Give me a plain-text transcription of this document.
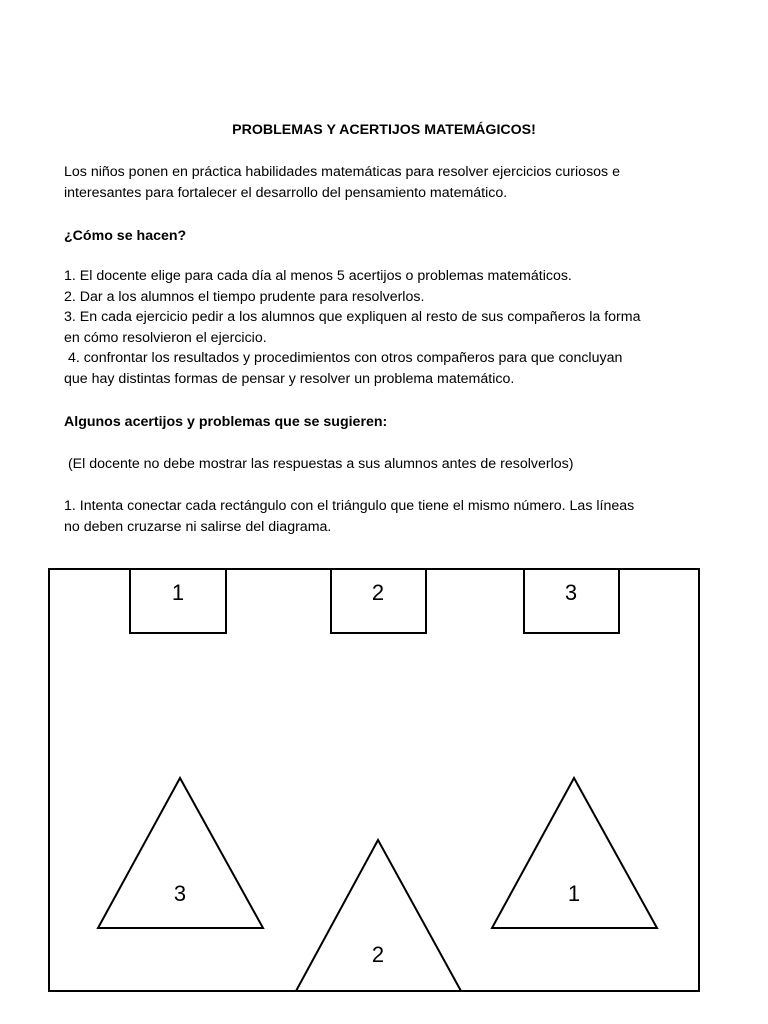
PROBLEMAS Y ACERTIJOS MATEMÁGICOS!

Los niños ponen en práctica habilidades matemáticas para resolver ejercicios curiosos e

interesantes para fortalecer el desarrollo del pensamiento matemático.

¿Cómo se hacen?

1. El docente elige para cada día al menos 5 acertijos o problemas matemáticos.

2. Dar a los alumnos el tiempo prudente para resolverlos.

3. En cada ejercicio pedir a los alumnos que expliquen al resto de sus compañeros la forma

en cómo resolvieron el ejercicio.

4. confrontar los resultados y procedimientos con otros compañeros para que concluyan

que hay distintas formas de pensar y resolver un problema matemático.

Algunos acertijos y problemas que se sugieren:
(El docente no debe mostrar las respuestas a sus alumnos antes de resolverlos)

1. Intenta conectar cada rectángulo con el triángulo que tiene el mismo número. Las líneas

no deben cruzarse ni salirse del diagrama.

1	2	3
3
2
1
